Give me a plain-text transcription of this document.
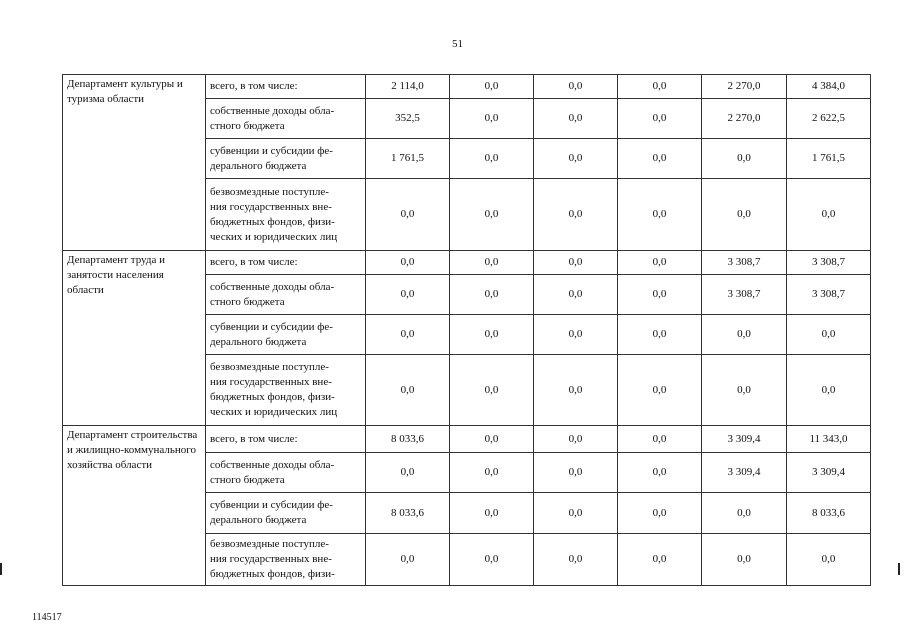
51
Департамент культуры и туризма области	всего, в том числе:	2 114,0	0,0	0,0	0,0	2 270,0	4 384,0

	собственные доходы обла-
стного бюджета	352,5	0,0	0,0	0,0	2 270,0	2 622,5

	субвенции и субсидии фе-
дерального бюджета	1 761,5	0,0	0,0	0,0	0,0	1 761,5

	безвозмездные поступле-
ния государственных вне-
бюджетных фондов, физи-
ческих и юридических лиц	0,0	0,0	0,0	0,0	0,0	0,0
Департамент труда и занятости населения области	всего, в том числе:	0,0	0,0	0,0	0,0	3 308,7	3 308,7

	собственные доходы обла-
стного бюджета	0,0	0,0	0,0	0,0	3 308,7	3 308,7

	субвенции и субсидии фе-
дерального бюджета	0,0	0,0	0,0	0,0	0,0	0,0

	безвозмездные поступле-
ния государственных вне-
бюджетных фондов, физи-
ческих и юридических лиц	0,0	0,0	0,0	0,0	0,0	0,0
Департамент строительства и жилищно-коммунального хозяйства области	всего, в том числе:	8 033,6	0,0	0,0	0,0	3 309,4	11 343,0

	собственные доходы обла-
стного бюджета	0,0	0,0	0,0	0,0	3 309,4	3 309,4

	субвенции и субсидии фе-
дерального бюджета	8 033,6	0,0	0,0	0,0	0,0	8 033,6

	безвозмездные поступле-
ния государственных вне-
бюджетных фондов, физи-	0,0	0,0	0,0	0,0	0,0	0,0
114517
